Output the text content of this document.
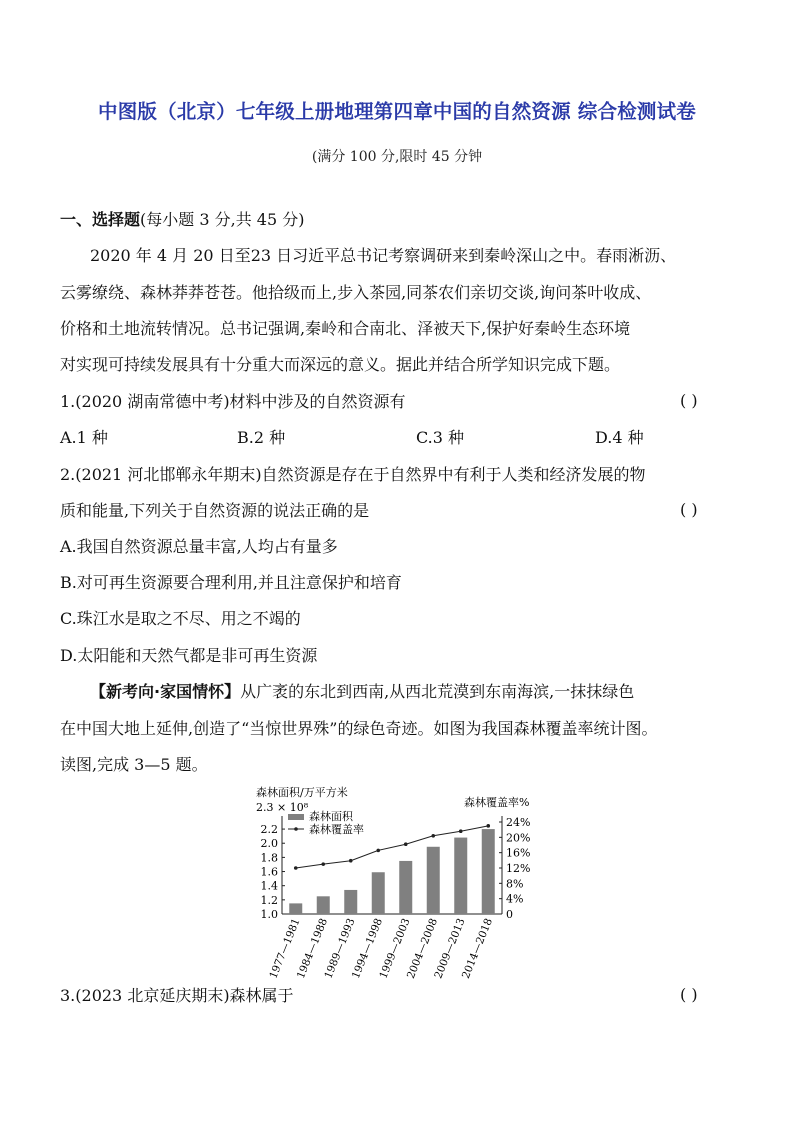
中图版（北京）七年级上册地理第四章中国的自然资源 综合检测试卷
(满分 100 分,限时 45 分钟
一、选择题(每小题 3 分,共 45 分)
2020 年 4 月 20 日至23 日习近平总书记考察调研来到秦岭深山之中。春雨淅沥、
云雾缭绕、森林莽莽苍苍。他拾级而上,步入茶园,同茶农们亲切交谈,询问茶叶收成、
价格和土地流转情况。总书记强调,秦岭和合南北、泽被天下,保护好秦岭生态环境
对实现可持续发展具有十分重大而深远的意义。据此并结合所学知识完成下题。
1.(2020 湖南常德中考)材料中涉及的自然资源有	( )
A.1 种	B.2 种	C.3 种	D.4 种
2.(2021 河北邯郸永年期末)自然资源是存在于自然界中有利于人类和经济发展的物
质和能量,下列关于自然资源的说法正确的是	( )
A.我国自然资源总量丰富,人均占有量多
B.对可再生资源要合理利用,并且注意保护和培育
C.珠江水是取之不尽、用之不竭的
D.太阳能和天然气都是非可再生资源
【新考向·家国情怀】从广袤的东北到西南,从西北荒漠到东南海滨,一抹抹绿色
在中国大地上延伸,创造了“当惊世界殊”的绿色奇迹。如图为我国森林覆盖率统计图。
读图,完成 3—5 题。
森林面积/万平方米
2.3 × 10⁸	森林覆盖率%
1.0
1.2
1.4
1.6
1.8
2.0
2.2
0
4%
8%
12%
16%
20%
24%
1977—1981
1984—1988
1989—1993
1994—1998
1999—2003
2004—2008
2009—2013
2014—2018
森林面积
森林覆盖率
3.(2023 北京延庆期末)森林属于	( )
